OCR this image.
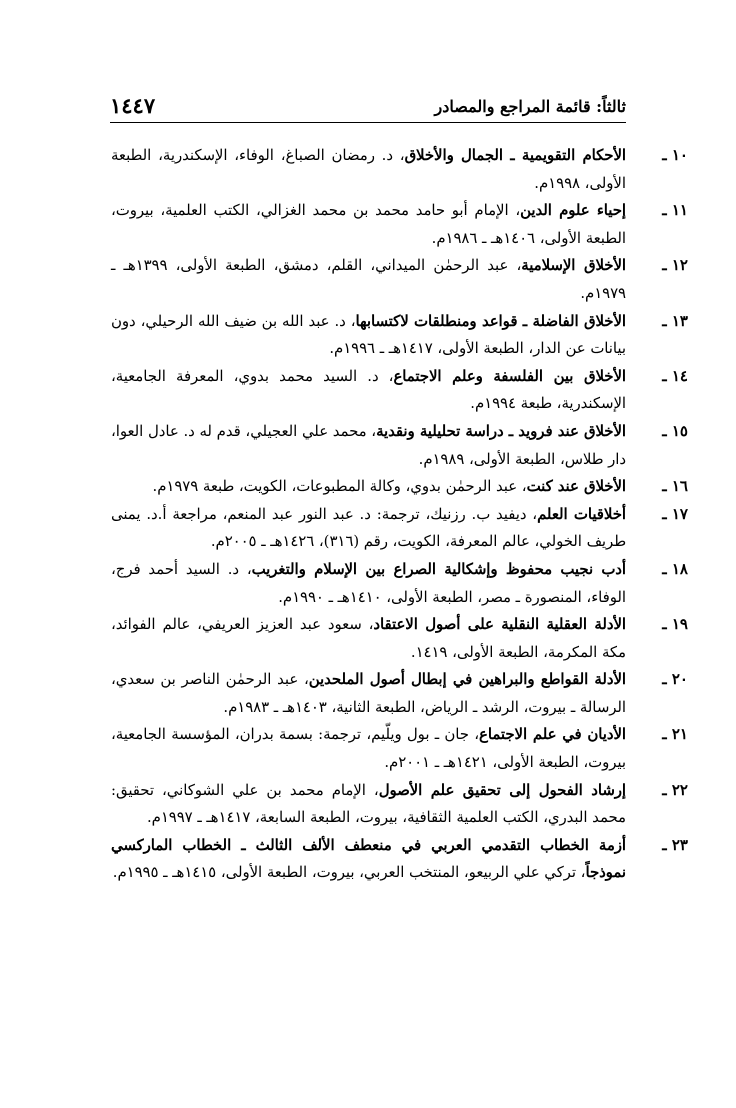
ثالثاً: قائمة المراجع والمصادر
١٤٤٧
١٠ ـ
الأحكام التقويمية ـ الجمال والأخلاق، د. رمضان الصباغ، الوفاء، الإسكندرية، الطبعة الأولى، ١٩٩٨م.
١١ ـ
إحياء علوم الدين، الإمام أبو حامد محمد بن محمد الغزالي، الكتب العلمية، بيروت، الطبعة الأولى، ١٤٠٦هـ ـ ١٩٨٦م.
١٢ ـ
الأخلاق الإسلامية، عبد الرحمٰن الميداني، القلم، دمشق، الطبعة الأولى، ١٣٩٩هـ ـ ١٩٧٩م.
١٣ ـ
الأخلاق الفاضلة ـ قواعد ومنطلقات لاكتسابها، د. عبد الله بن ضيف الله الرحيلي، دون بيانات عن الدار، الطبعة الأولى، ١٤١٧هـ ـ ١٩٩٦م.
١٤ ـ
الأخلاق بين الفلسفة وعلم الاجتماع، د. السيد محمد بدوي، المعرفة الجامعية، الإسكندرية، طبعة ١٩٩٤م.
١٥ ـ
الأخلاق عند فرويد ـ دراسة تحليلية ونقدية، محمد علي العجيلي، قدم له د. عادل العوا، دار طلاس، الطبعة الأولى، ١٩٨٩م.
١٦ ـ
الأخلاق عند كنت، عبد الرحمٰن بدوي، وكالة المطبوعات، الكويت، طبعة ١٩٧٩م.
١٧ ـ
أخلاقيات العلم، ديفيد ب. رزنيك، ترجمة: د. عبد النور عبد المنعم، مراجعة أ.د. يمنى طريف الخولي، عالم المعرفة، الكويت، رقم (٣١٦)، ١٤٢٦هـ ـ ٢٠٠٥م.
١٨ ـ
أدب نجيب محفوظ وإشكالية الصراع بين الإسلام والتغريب، د. السيد أحمد فرج، الوفاء، المنصورة ـ مصر، الطبعة الأولى، ١٤١٠هـ ـ ١٩٩٠م.
١٩ ـ
الأدلة العقلية النقلية على أصول الاعتقاد، سعود عبد العزيز العريفي، عالم الفوائد، مكة المكرمة، الطبعة الأولى، ١٤١٩.
٢٠ ـ
الأدلة القواطع والبراهين في إبطال أصول الملحدين، عبد الرحمٰن الناصر بن سعدي، الرسالة ـ بيروت، الرشد ـ الرياض، الطبعة الثانية، ١٤٠٣هـ ـ ١٩٨٣م.
٢١ ـ
الأديان في علم الاجتماع، جان ـ بول ويلّيم، ترجمة: بسمة بدران، المؤسسة الجامعية، بيروت، الطبعة الأولى، ١٤٢١هـ ـ ٢٠٠١م.
٢٢ ـ
إرشاد الفحول إلى تحقيق علم الأصول، الإمام محمد بن علي الشوكاني، تحقيق: محمد البدري، الكتب العلمية الثقافية، بيروت، الطبعة السابعة، ١٤١٧هـ ـ ١٩٩٧م.
٢٣ ـ
أزمة الخطاب التقدمي العربي في منعطف الألف الثالث ـ الخطاب الماركسي نموذجاً، تركي علي الربيعو، المنتخب العربي، بيروت، الطبعة الأولى، ١٤١٥هـ ـ ١٩٩٥م.
